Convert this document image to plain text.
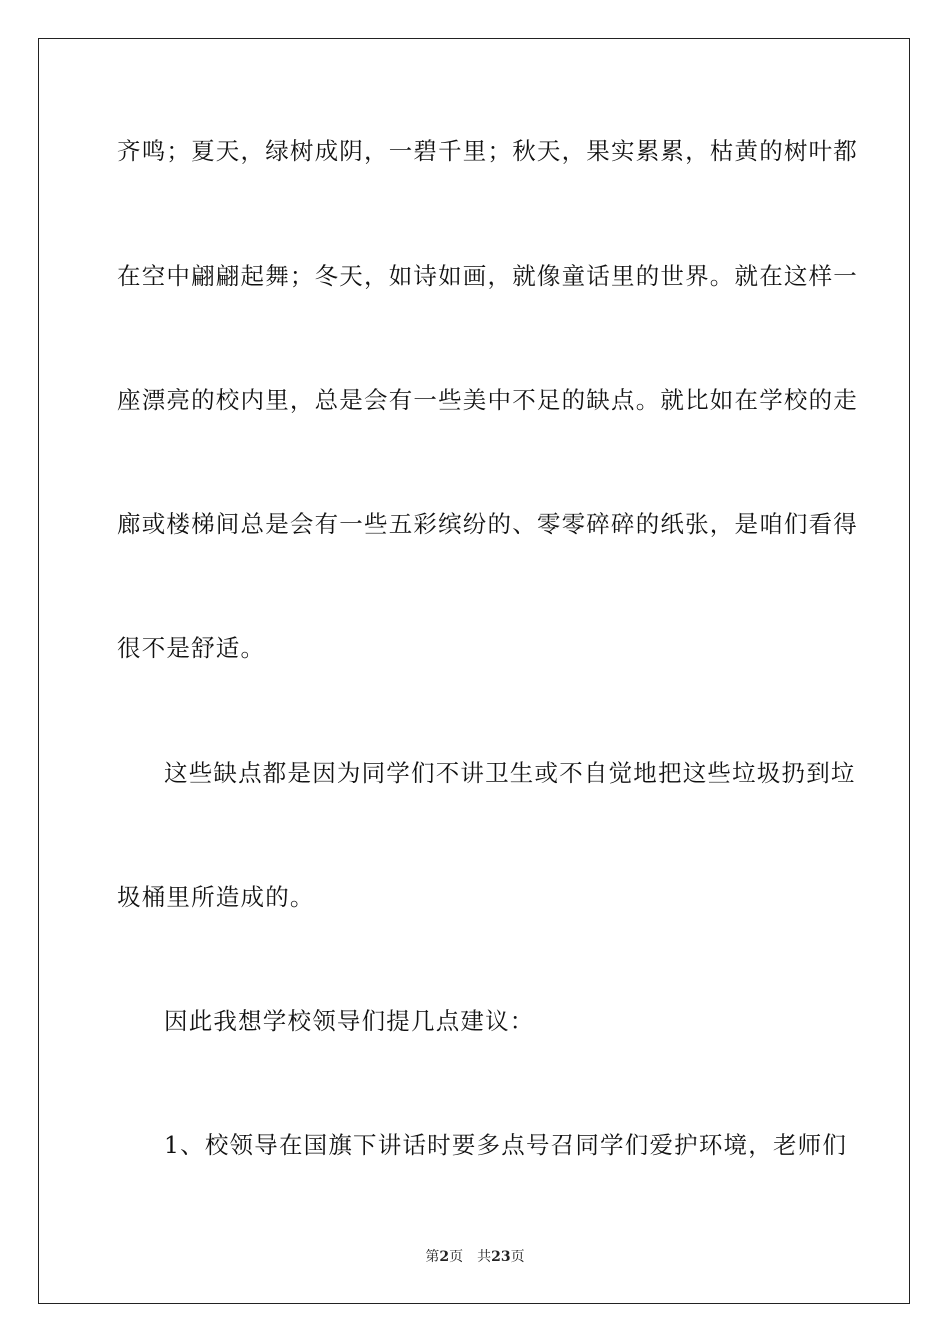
齐鸣；夏天，绿树成阴，一碧千里；秋天，果实累累，枯黄的树叶都
在空中翩翩起舞；冬天，如诗如画，就像童话里的世界。就在这样一
座漂亮的校内里，总是会有一些美中不足的缺点。就比如在学校的走
廊或楼梯间总是会有一些五彩缤纷的、零零碎碎的纸张，是咱们看得
很不是舒适。
这些缺点都是因为同学们不讲卫生或不自觉地把这些垃圾扔到垃
圾桶里所造成的。
因此我想学校领导们提几点建议：
1、校领导在国旗下讲话时要多点号召同学们爱护环境，老师们
第2页 共23页
